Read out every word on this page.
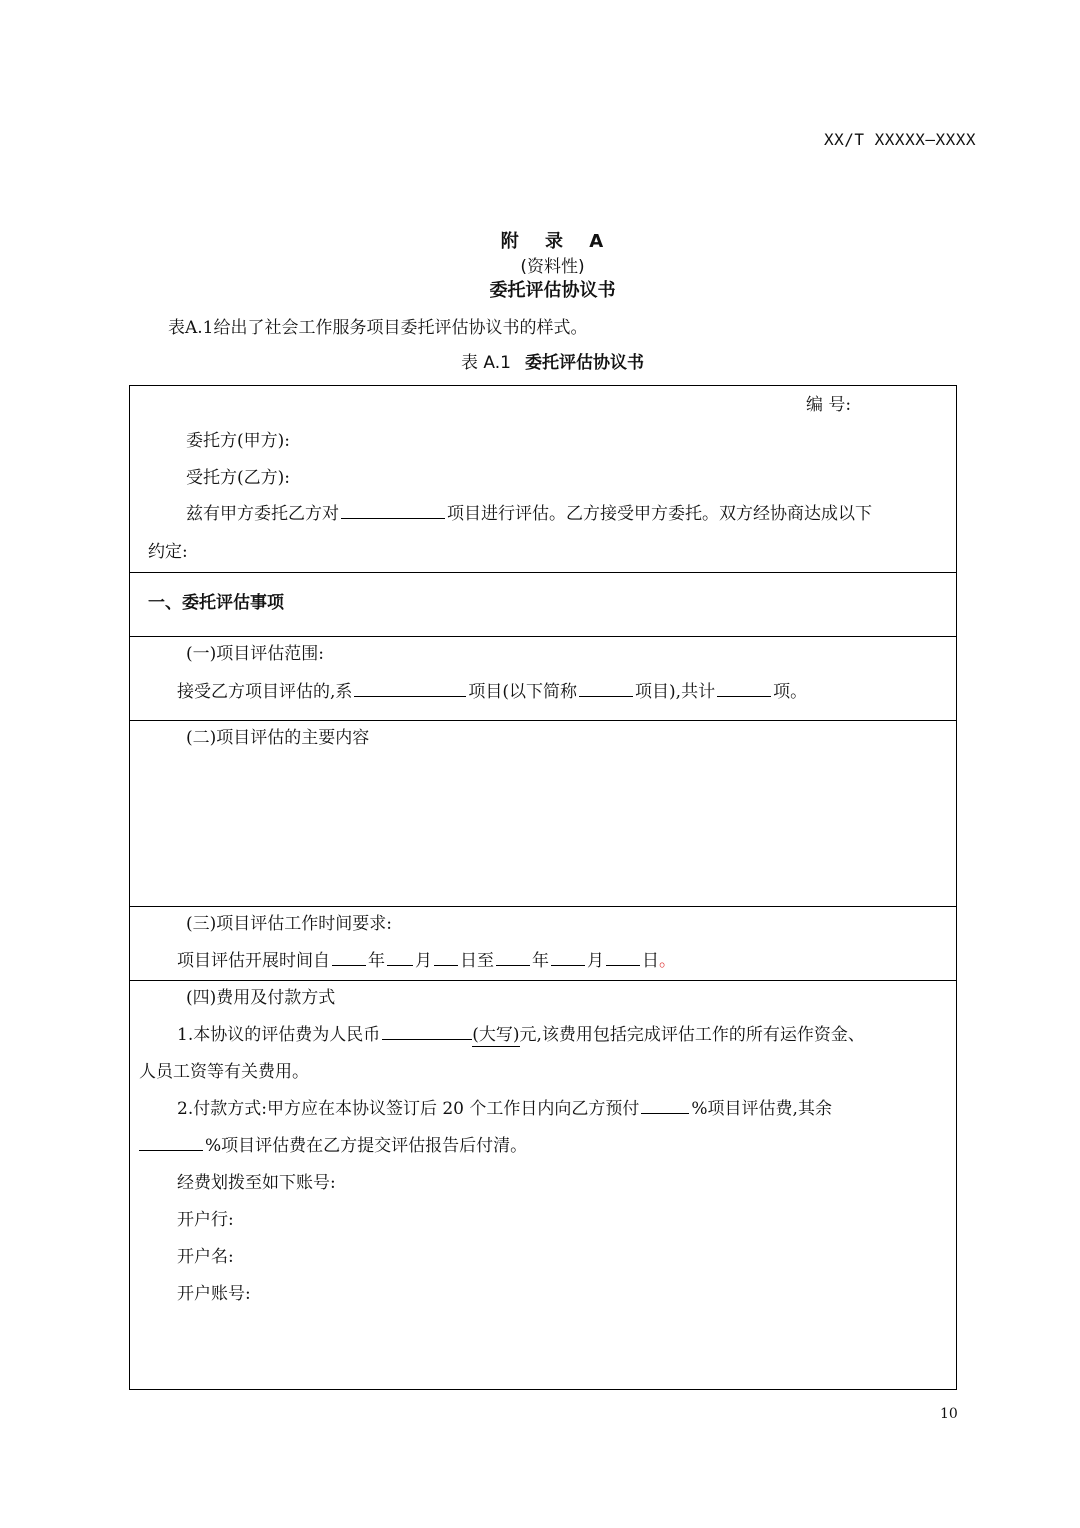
XX/T XXXXX—XXXX
附 录 A
(资料性)
委托评估协议书
表A.1给出了社会工作服务项目委托评估协议书的样式。
表 A.1 委托评估协议书
编 号:
委托方(甲方):
受托方(乙方):
兹有甲方委托乙方对	项目进行评估。乙方接受甲方委托。双方经协商达成以下
约定:
一、委托评估事项
(一)项目评估范围:
接受乙方项目评估的,系	项目(以下简称	项目),共计	项。
(二)项目评估的主要内容
(三)项目评估工作时间要求:
项目评估开展时间自 年 月 日至 年 月 日。
(四)费用及付款方式
1.本协议的评估费为人民币	(大写)元,该费用包括完成评估工作的所有运作资金、
人员工资等有关费用。
2.付款方式:甲方应在本协议签订后 20 个工作日内向乙方预付	%项目评估费,其余
%项目评估费在乙方提交评估报告后付清。
经费划拨至如下账号:
开户行:
开户名:
开户账号:
10
